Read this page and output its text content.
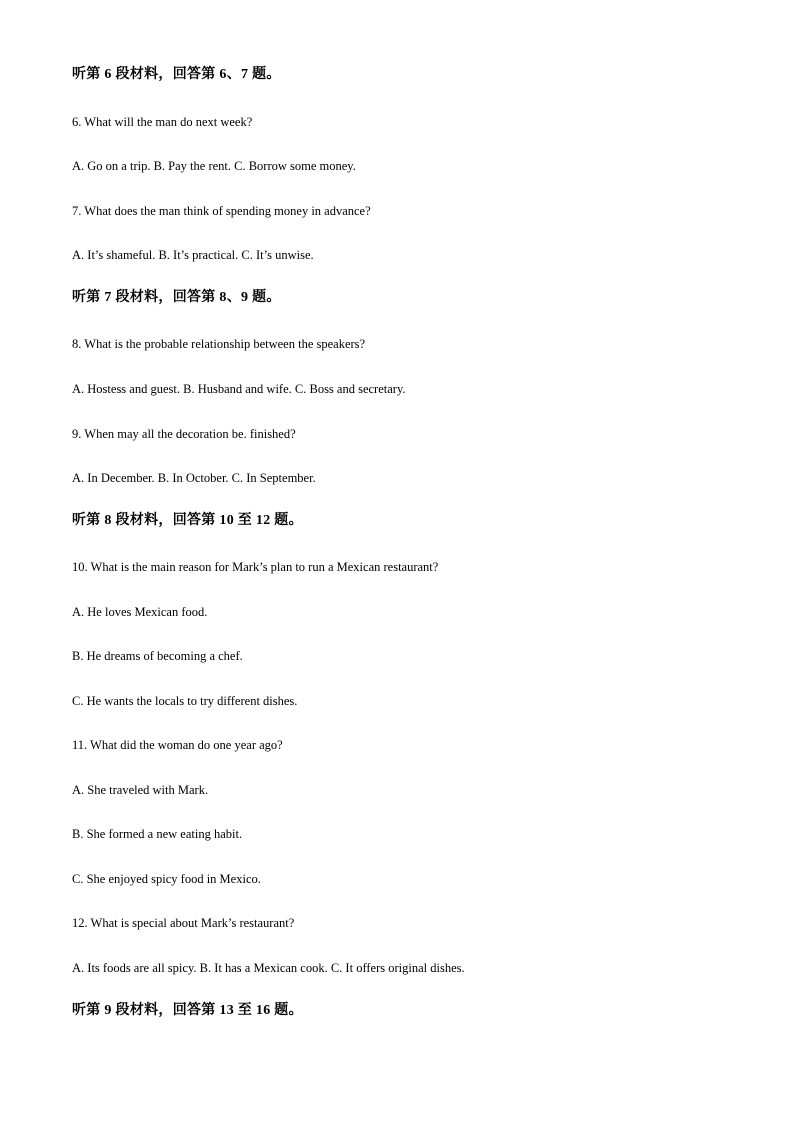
听第 6 段材料，回答第 6、7 题。
6. What will the man do next week?
A. Go on a trip. B. Pay the rent. C. Borrow some money.
7. What does the man think of spending money in advance?
A. It’s shameful. B. It’s practical. C. It’s unwise.
听第 7 段材料，回答第 8、9 题。
8. What is the probable relationship between the speakers?
A. Hostess and guest. B. Husband and wife. C. Boss and secretary.
9. When may all the decoration be. finished?
A. In December. B. In October. C. In September.
听第 8 段材料，回答第 10 至 12 题。
10. What is the main reason for Mark’s plan to run a Mexican restaurant?
A. He loves Mexican food.
B. He dreams of becoming a chef.
C. He wants the locals to try different dishes.
11. What did the woman do one year ago?
A. She traveled with Mark.
B. She formed a new eating habit.
C. She enjoyed spicy food in Mexico.
12. What is special about Mark’s restaurant?
A. Its foods are all spicy. B. It has a Mexican cook. C. It offers original dishes.
听第 9 段材料，回答第 13 至 16 题。
